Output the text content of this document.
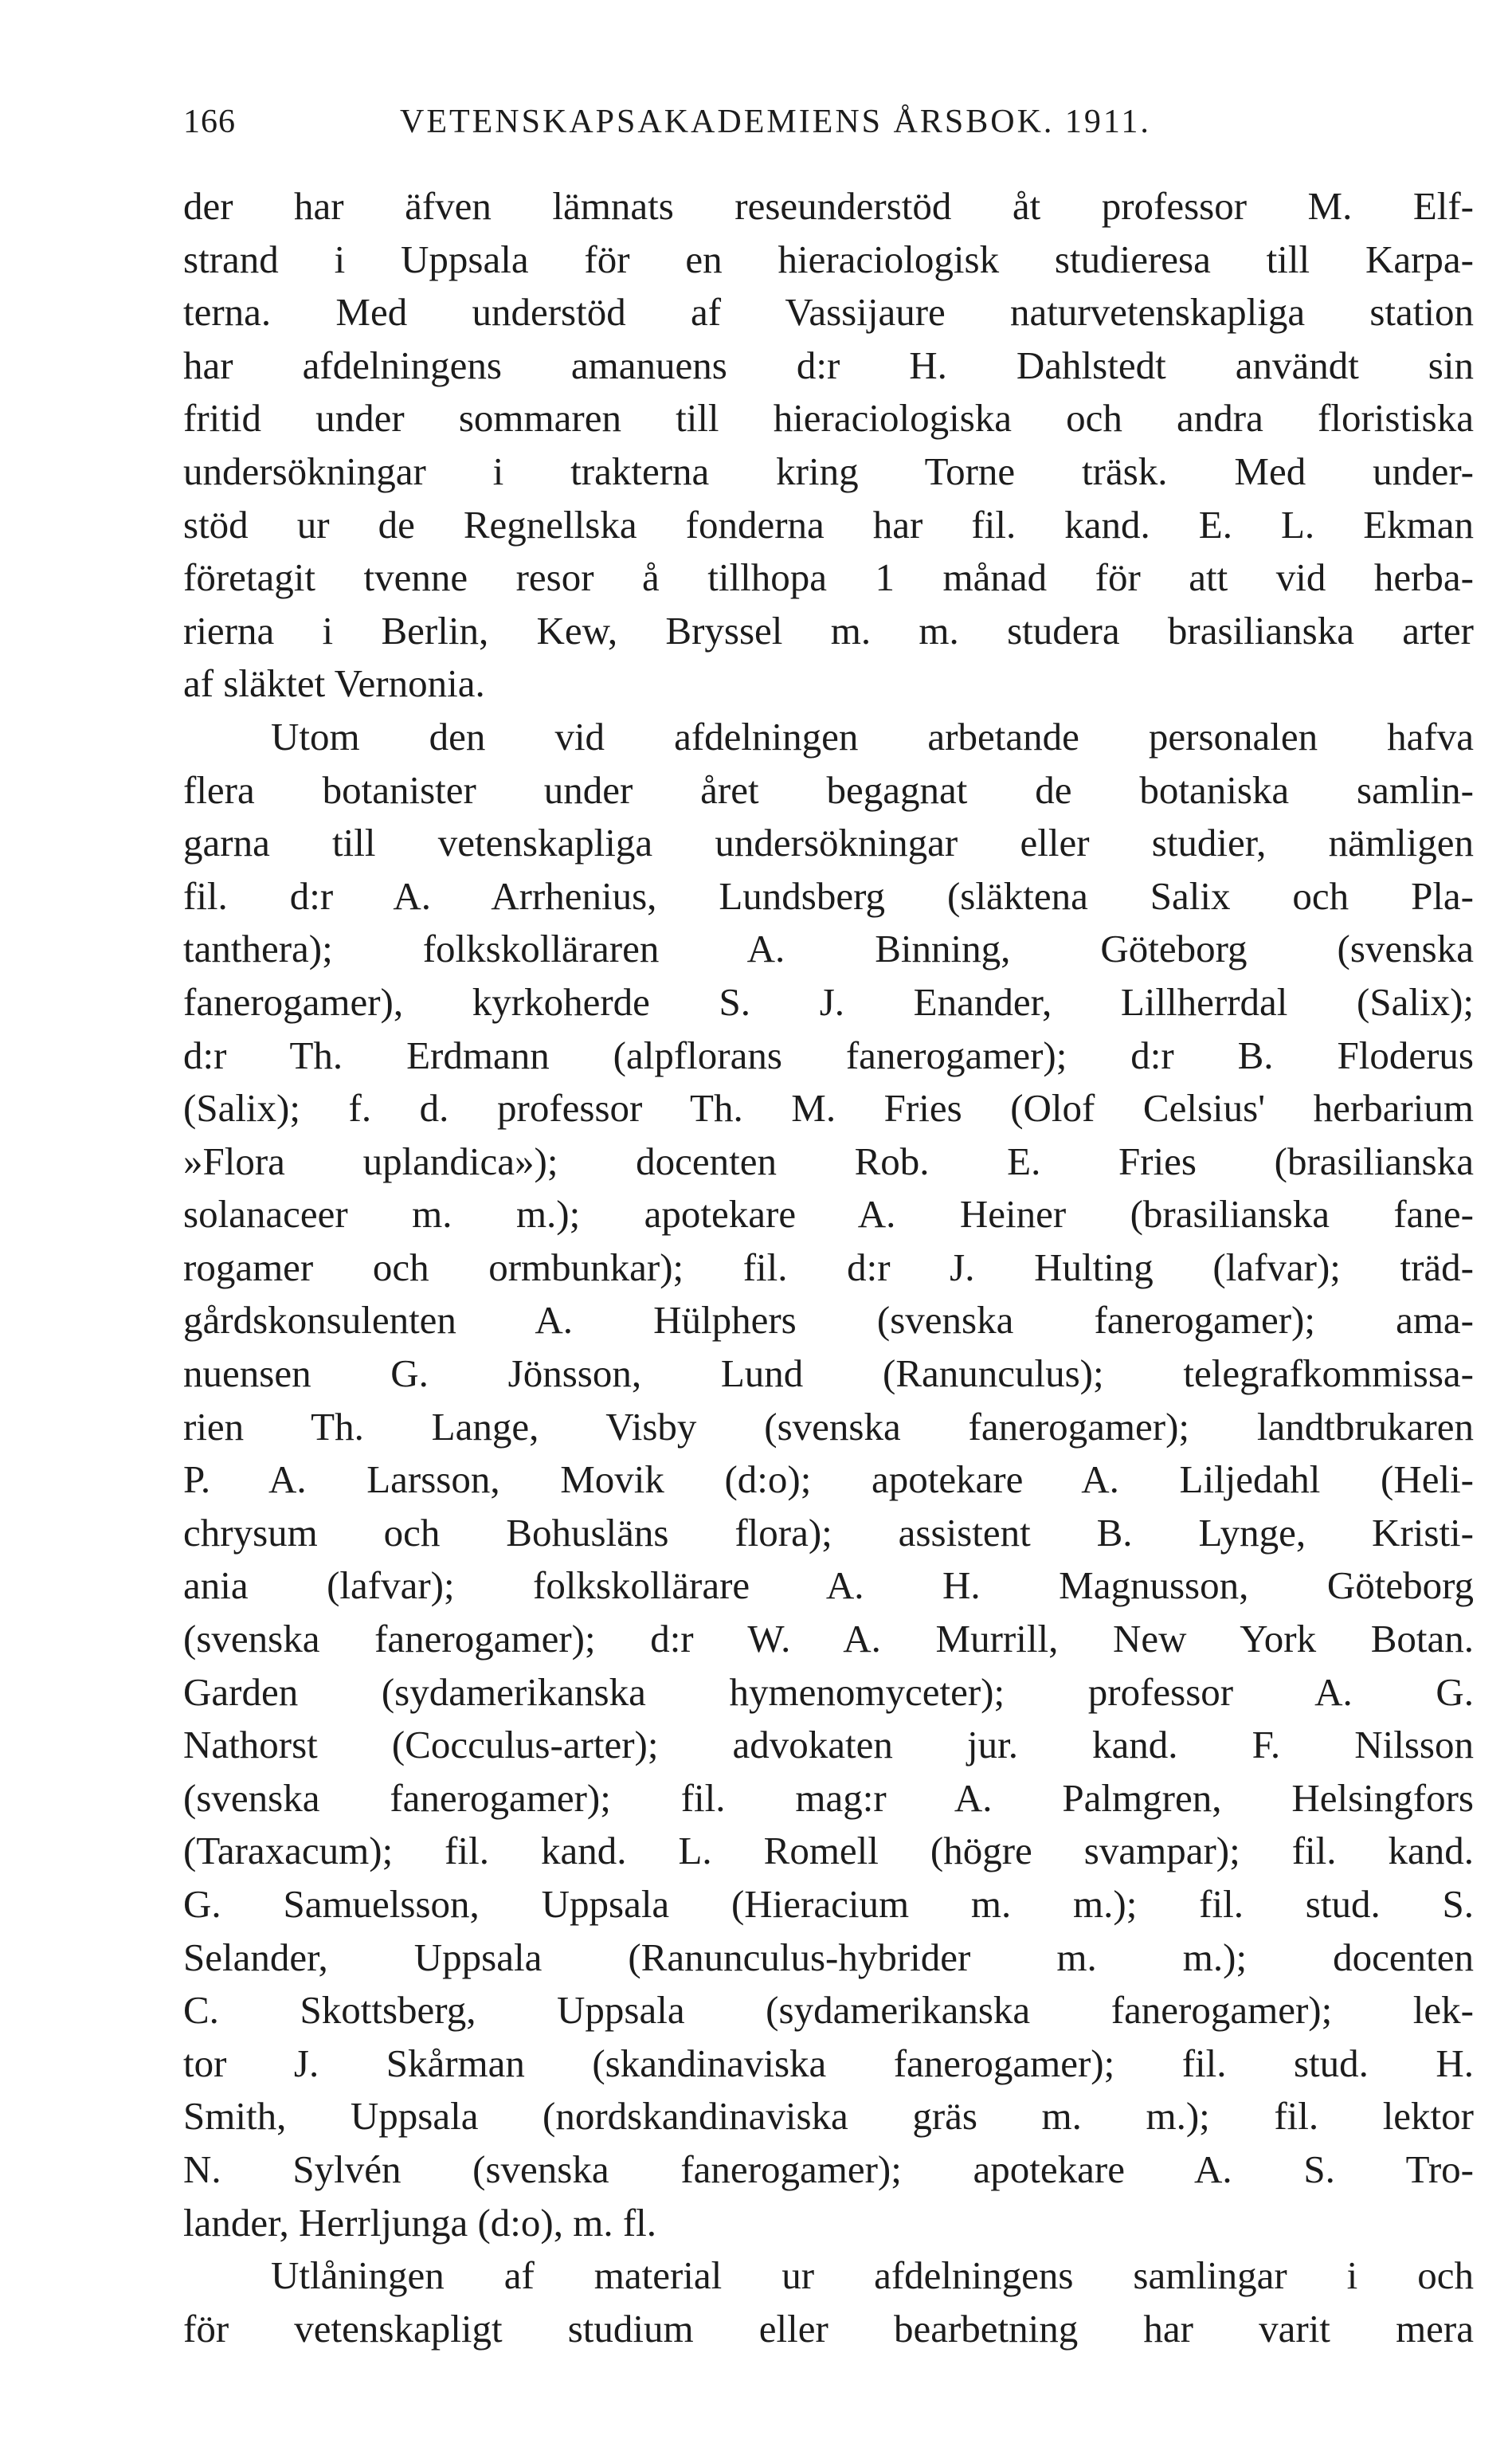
166	VETENSKAPSAKADEMIENS ÅRSBOK. 1911.
der har äfven lämnats reseunderstöd åt professor M. Elf-
strand i Uppsala för en hieraciologisk studieresa till Karpa-
terna. Med understöd af Vassijaure naturvetenskapliga station
har afdelningens amanuens d:r H. Dahlstedt användt sin
fritid under sommaren till hieraciologiska och andra floristiska
undersökningar i trakterna kring Torne träsk. Med under-
stöd ur de Regnellska fonderna har fil. kand. E. L. Ekman
företagit tvenne resor å tillhopa 1 månad för att vid herba-
rierna i Berlin, Kew, Bryssel m. m. studera brasilianska arter
af släktet Vernonia.
Utom den vid afdelningen arbetande personalen hafva
flera botanister under året begagnat de botaniska samlin-
garna till vetenskapliga undersökningar eller studier, nämligen
fil. d:r A. Arrhenius, Lundsberg (släktena Salix och Pla-
tanthera); folkskolläraren A. Binning, Göteborg (svenska
fanerogamer), kyrkoherde S. J. Enander, Lillherrdal (Salix);
d:r Th. Erdmann (alpflorans fanerogamer); d:r B. Floderus
(Salix); f. d. professor Th. M. Fries (Olof Celsius' herbarium
»Flora uplandica»); docenten Rob. E. Fries (brasilianska
solanaceer m. m.); apotekare A. Heiner (brasilianska fane-
rogamer och ormbunkar); fil. d:r J. Hulting (lafvar); träd-
gårdskonsulenten A. Hülphers (svenska fanerogamer); ama-
nuensen G. Jönsson, Lund (Ranunculus); telegrafkommissa-
rien Th. Lange, Visby (svenska fanerogamer); landtbrukaren
P. A. Larsson, Movik (d:o); apotekare A. Liljedahl (Heli-
chrysum och Bohusläns flora); assistent B. Lynge, Kristi-
ania (lafvar); folkskollärare A. H. Magnusson, Göteborg
(svenska fanerogamer); d:r W. A. Murrill, New York Botan.
Garden (sydamerikanska hymenomyceter); professor A. G.
Nathorst (Cocculus-arter); advokaten jur. kand. F. Nilsson
(svenska fanerogamer); fil. mag:r A. Palmgren, Helsingfors
(Taraxacum); fil. kand. L. Romell (högre svampar); fil. kand.
G. Samuelsson, Uppsala (Hieracium m. m.); fil. stud. S.
Selander, Uppsala (Ranunculus-hybrider m. m.); docenten
C. Skottsberg, Uppsala (sydamerikanska fanerogamer); lek-
tor J. Skårman (skandinaviska fanerogamer); fil. stud. H.
Smith, Uppsala (nordskandinaviska gräs m. m.); fil. lektor
N. Sylvén (svenska fanerogamer); apotekare A. S. Tro-
lander, Herrljunga (d:o), m. fl.
Utlåningen af material ur afdelningens samlingar i och
för vetenskapligt studium eller bearbetning har varit mera
